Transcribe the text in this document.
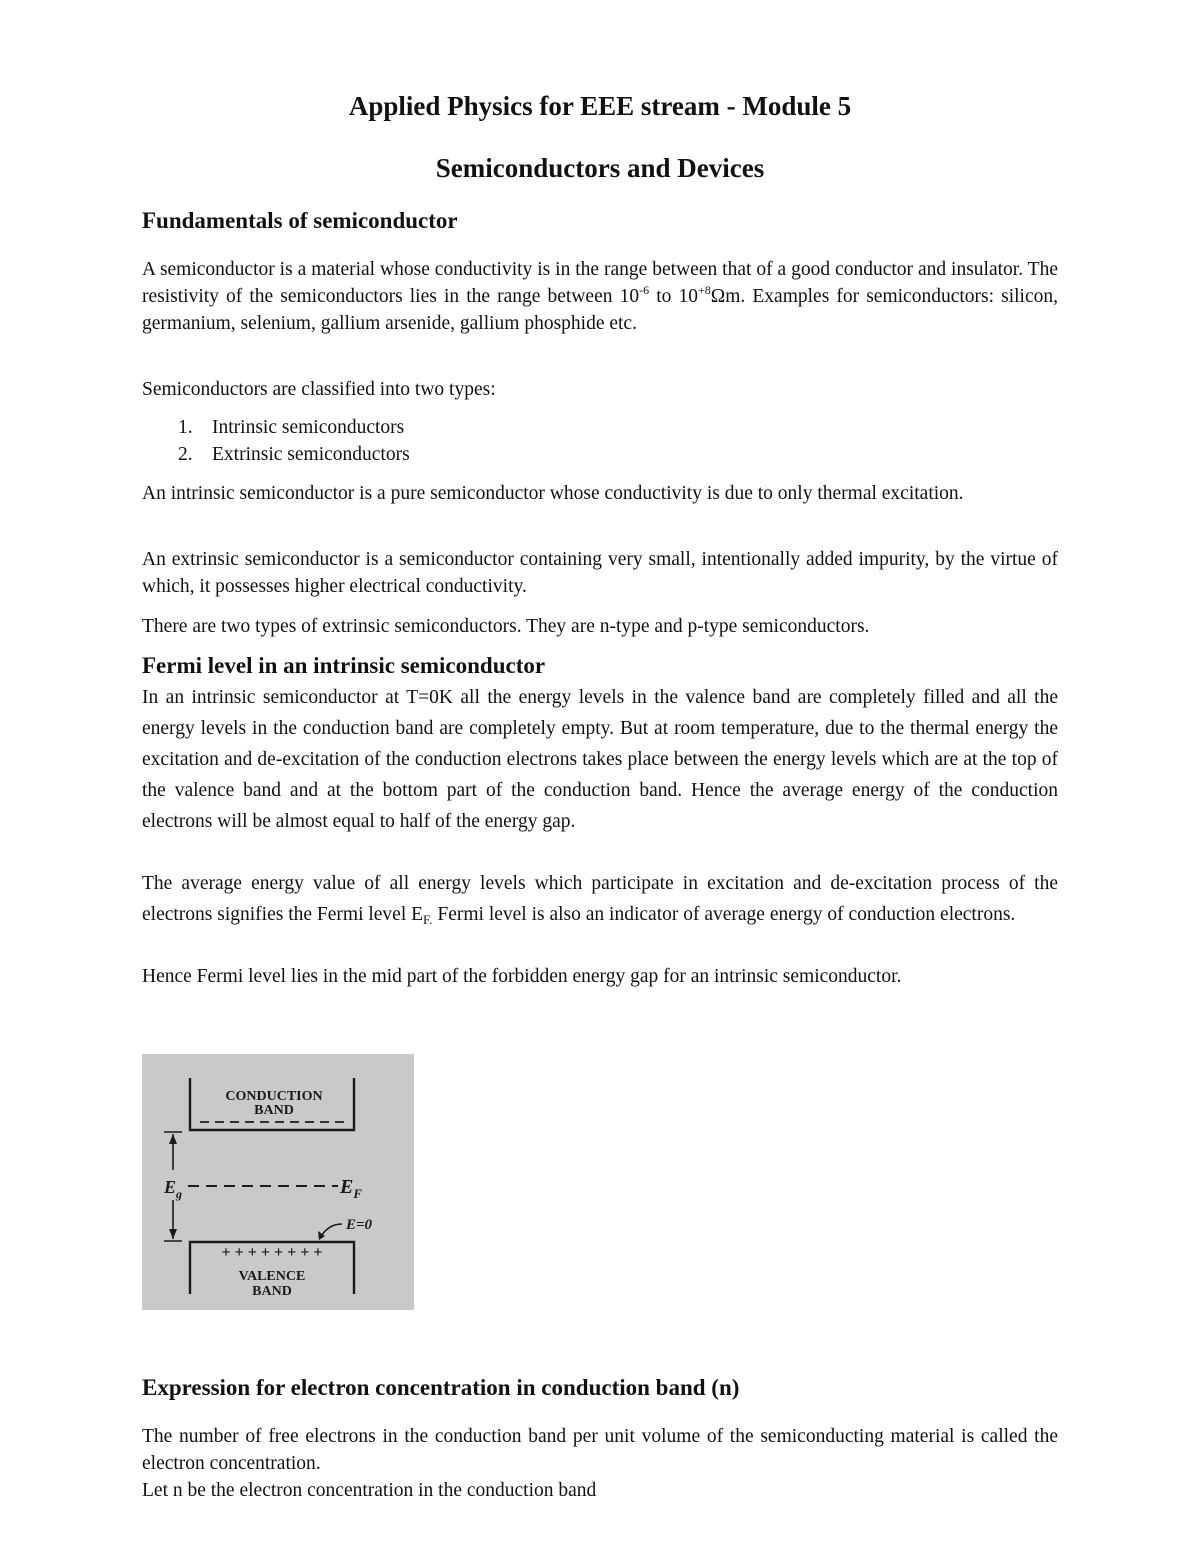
Applied Physics for EEE stream - Module 5
Semiconductors and Devices
Fundamentals of semiconductor

A semiconductor is a material whose conductivity is in the range between that of a good conductor and insulator. The resistivity of the semiconductors lies in the range between $10^{-6}$ to $10^{+8}\Omega m$. Examples for semiconductors: silicon, germanium, selenium, gallium arsenide, gallium phosphide etc.

Semiconductors are classified into two types:

1. Intrinsic semiconductors

2. Extrinsic semiconductors

An intrinsic semiconductor is a pure semiconductor whose conductivity is due to only thermal excitation.

An extrinsic semiconductor is a semiconductor containing very small, intentionally added impurity, by the virtue of which, it possesses higher electrical conductivity.

There are two types of extrinsic semiconductors. They are n-type and p-type semiconductors.

Fermi level in an intrinsic semiconductor

In an intrinsic semiconductor at T=0K all the energy levels in the valence band are completely filled and all the energy levels in the conduction band are completely empty. But at room temperature, due to the thermal energy the excitation and de-excitation of the conduction electrons takes place between the energy levels which are at the top of the valence band and at the bottom part of the conduction band. Hence the average energy of the conduction electrons will be almost equal to half of the energy gap.

The average energy value of all energy levels which participate in excitation and de-excitation process of the electrons signifies the Fermi level $E_{F.}$ Fermi level is also an indicator of average energy of conduction electrons.

Hence Fermi level lies in the mid part of the forbidden energy gap for an intrinsic semiconductor.

Expression for electron concentration in conduction band (n)

The number of free electrons in the conduction band per unit volume of the semiconducting material is called the electron concentration.

Let n be the electron concentration in the conduction band

CONDUCTION
BAND
$E_g$	$E_F$
E=0
+ + + + + + + +
VALENCE
BAND
